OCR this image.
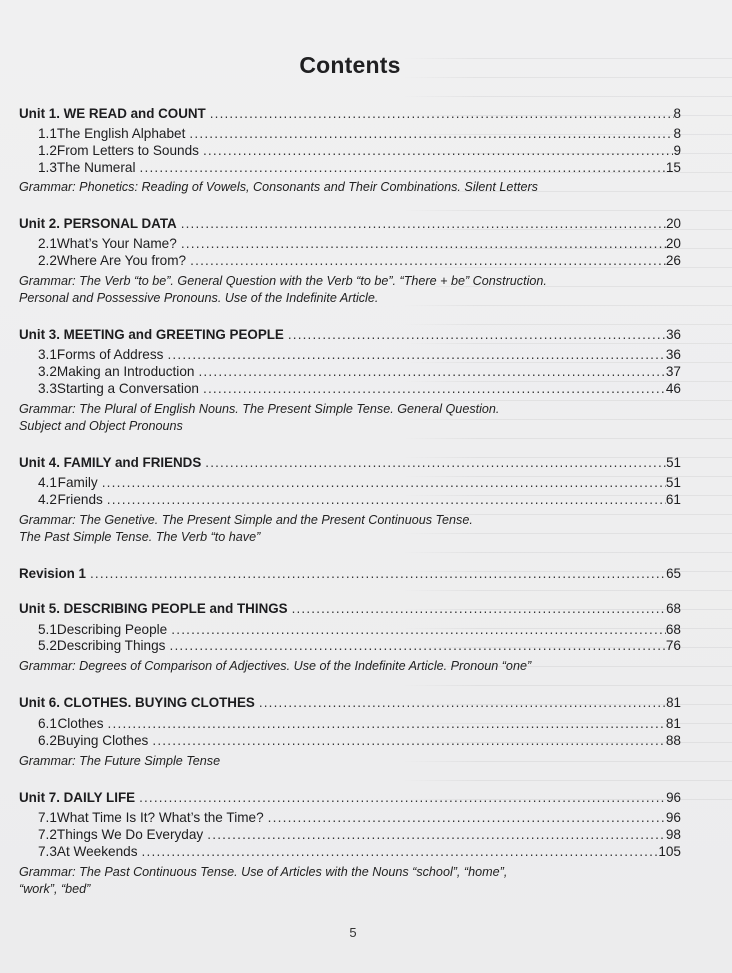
Contents
Unit 1. WE READ and COUNT .....	8
1.1 The English Alphabet .....	8
1.2 From Letters to Sounds .....	9
1.3 The Numeral .....	15
Grammar: Phonetics: Reading of Vowels, Consonants and Their Combinations. Silent Letters
Unit 2. PERSONAL DATA .....	20
2.1 What’s Your Name? .....	20
2.2 Where Are You from? .....	26
Grammar: The Verb “to be”. General Question with the Verb “to be”. “There + be” Construction.
Personal and Possessive Pronouns. Use of the Indefinite Article.
Unit 3. MEETING and GREETING PEOPLE .....	36
3.1 Forms of Address .....	36
3.2 Making an Introduction .....	37
3.3 Starting a Conversation .....	46
Grammar: The Plural of English Nouns. The Present Simple Tense. General Question.
Subject and Object Pronouns
Unit 4. FAMILY and FRIENDS .....	51
4.1 Family .....	51
4.2 Friends .....	61
Grammar: The Genetive. The Present Simple and the Present Continuous Tense.
The Past Simple Tense. The Verb “to have”
Revision 1 .....	65
Unit 5. DESCRIBING PEOPLE and THINGS .....	68
5.1 Describing People .....	68
5.2 Describing Things .....	76
Grammar: Degrees of Comparison of Adjectives. Use of the Indefinite Article. Pronoun “one”
Unit 6. CLOTHES. BUYING CLOTHES .....	81
6.1 Clothes .....	81
6.2 Buying Clothes .....	88
Grammar: The Future Simple Tense
Unit 7. DAILY LIFE .....	96
7.1 What Time Is It? What’s the Time? .....	96
7.2 Things We Do Everyday .....	98
7.3 At Weekends .....	105
Grammar: The Past Continuous Tense. Use of Articles with the Nouns “school”, “home”,
“work”, “bed”
5
